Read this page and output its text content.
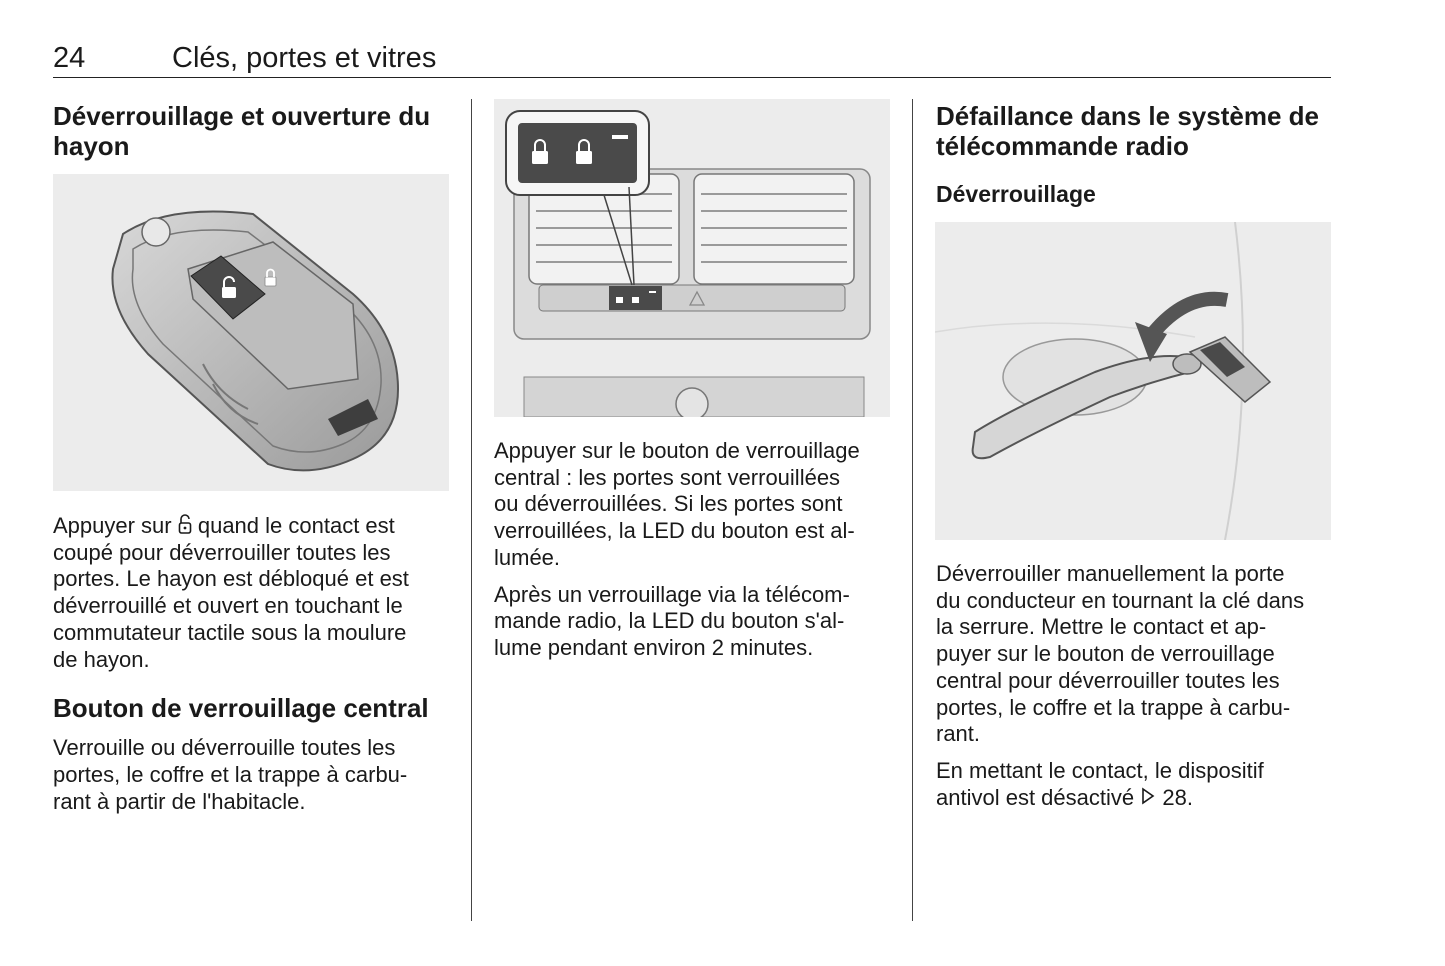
24	Clés, portes et vitres
Déverrouillage et ouverture du
hayon

Appuyer sur  quand le contact est
coupé pour déverrouiller toutes les
portes. Le hayon est débloqué et est
déverrouillé et ouvert en touchant le
commutateur tactile sous la moulure
de hayon.

Bouton de verrouillage central

Verrouille ou déverrouille toutes les
portes, le coffre et la trappe à carbu-
rant à partir de l'habitacle.

Appuyer sur le bouton de verrouillage
central : les portes sont verrouillées
ou déverrouillées. Si les portes sont
verrouillées, la LED du bouton est al-
lumée.

Après un verrouillage via la télécom-
mande radio, la LED du bouton s'al-
lume pendant environ 2 minutes.

Défaillance dans le système de
télécommande radio
Déverrouillage

Déverrouiller manuellement la porte
du conducteur en tournant la clé dans
la serrure. Mettre le contact et ap-
puyer sur le bouton de verrouillage
central pour déverrouiller toutes les
portes, le coffre et la trappe à carbu-
rant.

En mettant le contact, le dispositif
antivol est désactivé  28.
